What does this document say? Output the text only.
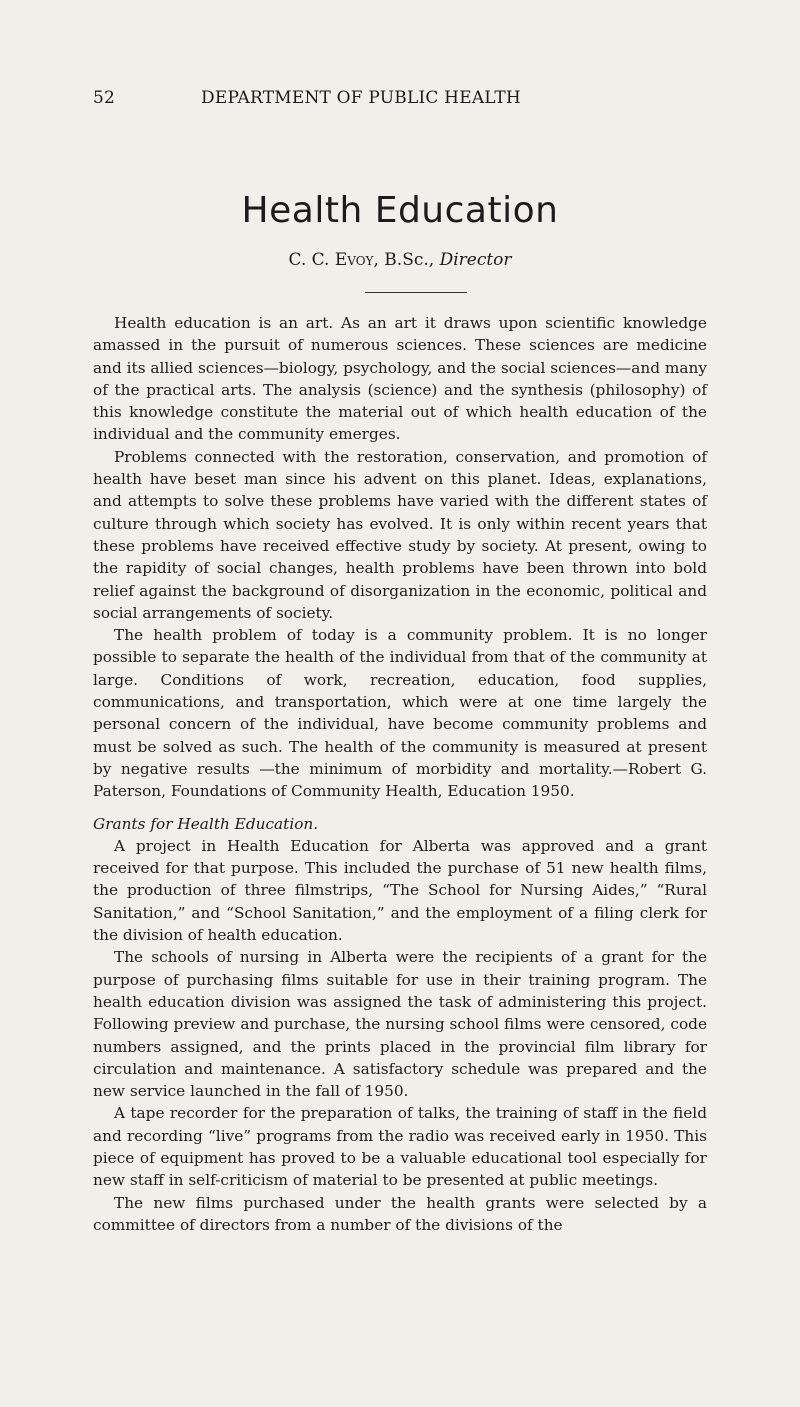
52	DEPARTMENT OF PUBLIC HEALTH
Health Education
C. C. Evoy, B.Sc., Director

Health education is an art. As an art it draws upon scientific knowledge amassed in the pursuit of numerous sciences. These sciences are medicine and its allied sciences—biology, psychology, and the social sciences—and many of the practical arts. The analysis (science) and the synthesis (philosophy) of this knowledge constitute the material out of which health education of the individual and the community emerges.

Problems connected with the restoration, conservation, and promotion of health have beset man since his advent on this planet. Ideas, explanations, and attempts to solve these problems have varied with the different states of culture through which society has evolved. It is only within recent years that these problems have received effective study by society. At present, owing to the rapidity of social changes, health problems have been thrown into bold relief against the background of disorganization in the economic, political and social arrangements of society.

The health problem of today is a community problem. It is no longer possible to separate the health of the individual from that of the community at large. Conditions of work, recreation, education, food supplies, communications, and transportation, which were at one time largely the personal concern of the individual, have become community problems and must be solved as such. The health of the community is measured at present by negative results —the minimum of morbidity and mortality.—Robert G. Paterson, Foundations of Community Health, Education 1950.

Grants for Health Education.

A project in Health Education for Alberta was approved and a grant received for that purpose. This included the purchase of 51 new health films, the production of three filmstrips, “The School for Nursing Aides,” “Rural Sanitation,” and “School Sanitation,” and the employment of a filing clerk for the division of health education.

The schools of nursing in Alberta were the recipients of a grant for the purpose of purchasing films suitable for use in their training program. The health education division was assigned the task of administering this project. Following preview and purchase, the nursing school films were censored, code numbers assigned, and the prints placed in the provincial film library for circulation and maintenance. A satisfactory schedule was prepared and the new service launched in the fall of 1950.

A tape recorder for the preparation of talks, the training of staff in the field and recording “live” programs from the radio was received early in 1950. This piece of equipment has proved to be a valuable educational tool especially for new staff in self-criticism of material to be presented at public meetings.

The new films purchased under the health grants were selected by a committee of directors from a number of the divisions of the
